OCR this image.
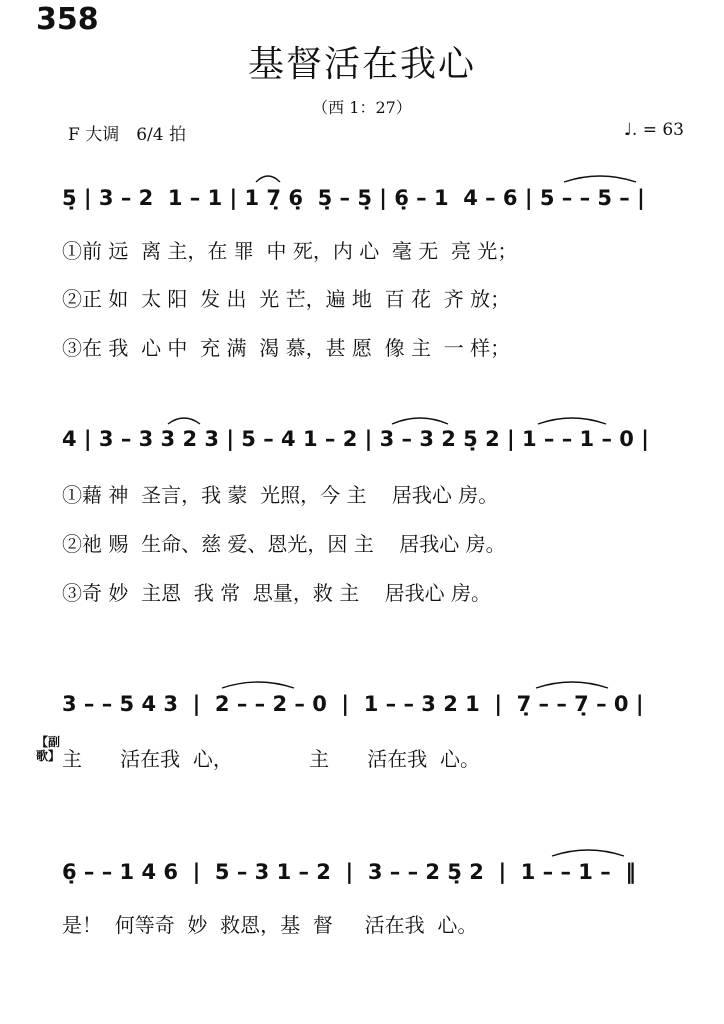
358
基督活在我心
（西 1：27）
F 大调　6/4 拍	♩. = 63
5̣ | 3 – 2  1 – 1 | 1 7̣ 6̣  5̣ – 5̣ | 6̣ – 1  4 – 6 | 5 – – 5 – |
①前 远  离 主，在 罪  中 死，内 心  毫 无  亮 光；
②正 如  太 阳  发 出  光 芒，遍 地  百 花  齐 放；
③在 我  心 中  充 满  渴 慕，甚 愿  像 主  一 样；
4 | 3 – 3 3 2 3 | 5 – 4 1 – 2 | 3 – 3 2 5̣ 2 | 1 – – 1 – 0 |
①藉 神  圣言，我 蒙  光照，今 主    居我心 房。
②祂 赐  生命、慈 爱、恩光，因 主    居我心 房。
③奇 妙  主恩  我 常  思量，救 主    居我心 房。
3 – – 5 4 3  |  2 – – 2 – 0  |  1 – – 3 2 1  |  7̣ – – 7̣ – 0 |
【副歌】 主      活在我  心，            主      活在我  心。
6̣ – – 1 4 6  |  5 – 3 1 – 2  |  3 – – 2 5̣ 2  |  1 – – 1 –  ‖
是！  何等奇  妙  救恩，基  督     活在我  心。
